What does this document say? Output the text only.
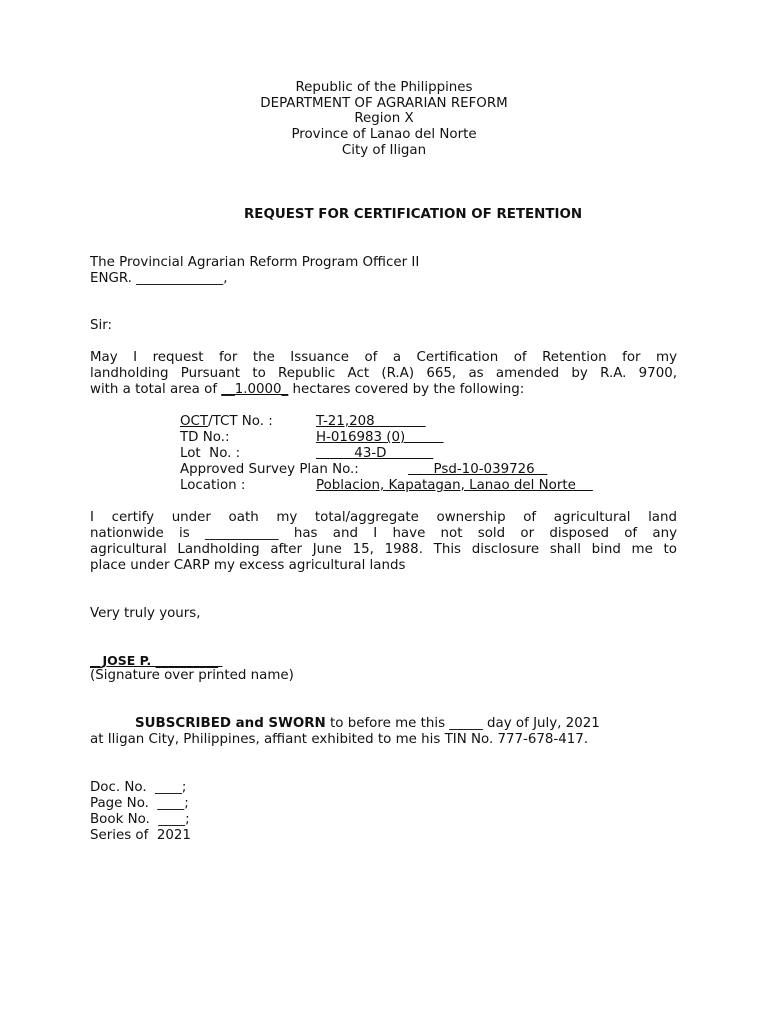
Republic of the Philippines
DEPARTMENT OF AGRARIAN REFORM
Region X
Province of Lanao del Norte
City of Iligan
REQUEST FOR CERTIFICATION OF RETENTION
The Provincial Agrarian Reform Program Officer II
ENGR. _____________,
Sir:
May I request for the Issuance of a Certification of Retention for my
landholding Pursuant to Republic Act (R.A) 665, as amended by R.A. 9700,
with a total area of __1.0000_ hectares covered by the following:
OCT/TCT No. :	T-21,208
TD No.:	H-016983 (0)
Lot  No. :	43-D
Approved Survey Plan No.:	Psd-10-039726
Location :	Poblacion, Kapatagan, Lanao del Norte
I certify under oath my total/aggregate ownership of agricultural land
nationwide is ___________ has and I have not sold or disposed of any
agricultural Landholding after June 15, 1988. This disclosure shall bind me to
place under CARP my excess agricultural lands
Very truly yours,
__JOSE P. __________
(Signature over printed name)
SUBSCRIBED and SWORN to before me this _____ day of July, 2021
at Iligan City, Philippines, affiant exhibited to me his TIN No. 777-678-417.
Doc. No.  ____;
Page No.  ____;
Book No.  ____;
Series of  2021
